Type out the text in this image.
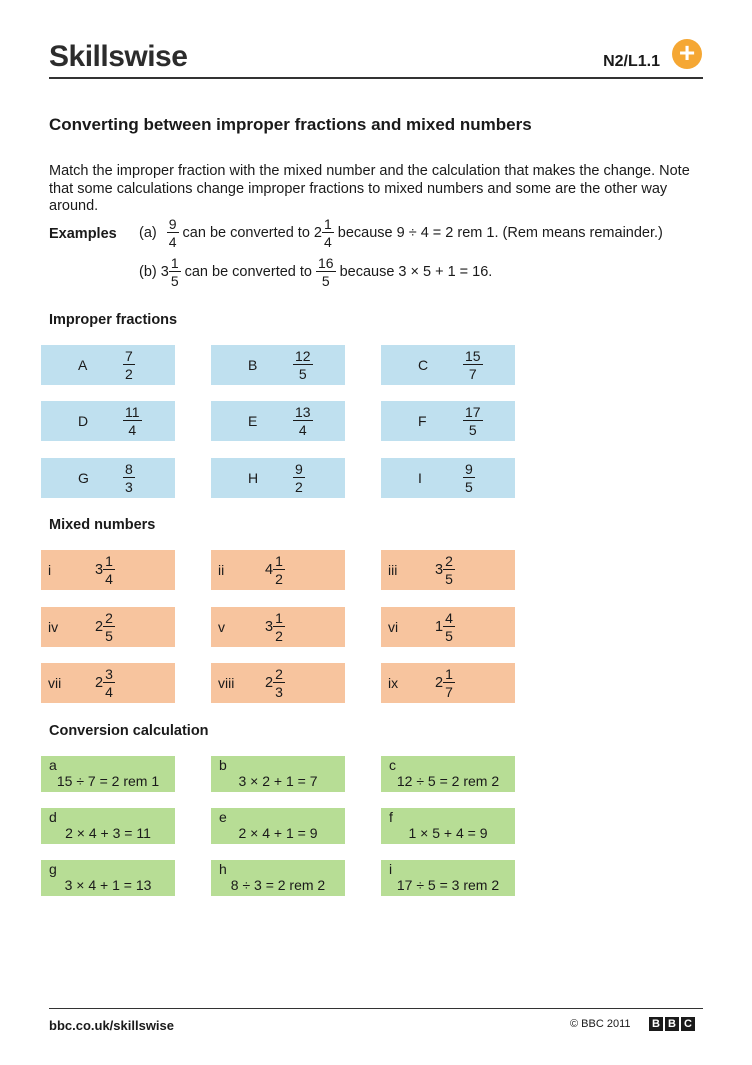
Skillswise	N2/L1.1 +
Converting between improper fractions and mixed numbers
Match the improper fraction with the mixed number and the calculation that makes the change. Note that some calculations change improper fractions to mixed numbers and some are the other way around.
Examples $(a) \frac{9}{4}$ can be converted to $2 \frac{1}{4}$ because 9 ÷ 4 = 2 rem 1. (Rem means remainder.)
(b) $3 \frac{1}{5}$ can be converted to $\frac{16}{5}$ because 3 × 5 + 1 = 16.
Improper fractions
A	$\frac{7}{2}$	B	$\frac{12}{5}$	C $\frac{15}{7}$
D $\frac{11}{4}$	E	$\frac{13}{4}$	F	$\frac{17}{5}$
G $\frac{8}{3}$	H $\frac{9}{2}$	I	$\frac{9}{5}$
Mixed numbers
i	$3 \frac{1}{4}$	ii	$4 \frac{1}{2}$	iii	$3 \frac{2}{5}$
iv	$2 \frac{2}{5}$	v	$3 \frac{1}{2}$	vi	$1 \frac{4}{5}$
vii $2 \frac{3}{4}$	viii $2 \frac{2}{3}$	ix	$2 \frac{1}{7}$
Conversion calculation
a
15 ÷ 7 = 2 rem 1
b
3 × 2 + 1 = 7
c
12 ÷ 5 = 2 rem 2
d
2 × 4 + 3 = 11
e
2 × 4 + 1 = 9
f
1 × 5 + 4 = 9
g
3 × 4 + 1 = 13
h
8 ÷ 3 = 2 rem 2
i
17 ÷ 5 = 3 rem 2
bbc.co.uk/skillswise	© BBC 2011 B B C
